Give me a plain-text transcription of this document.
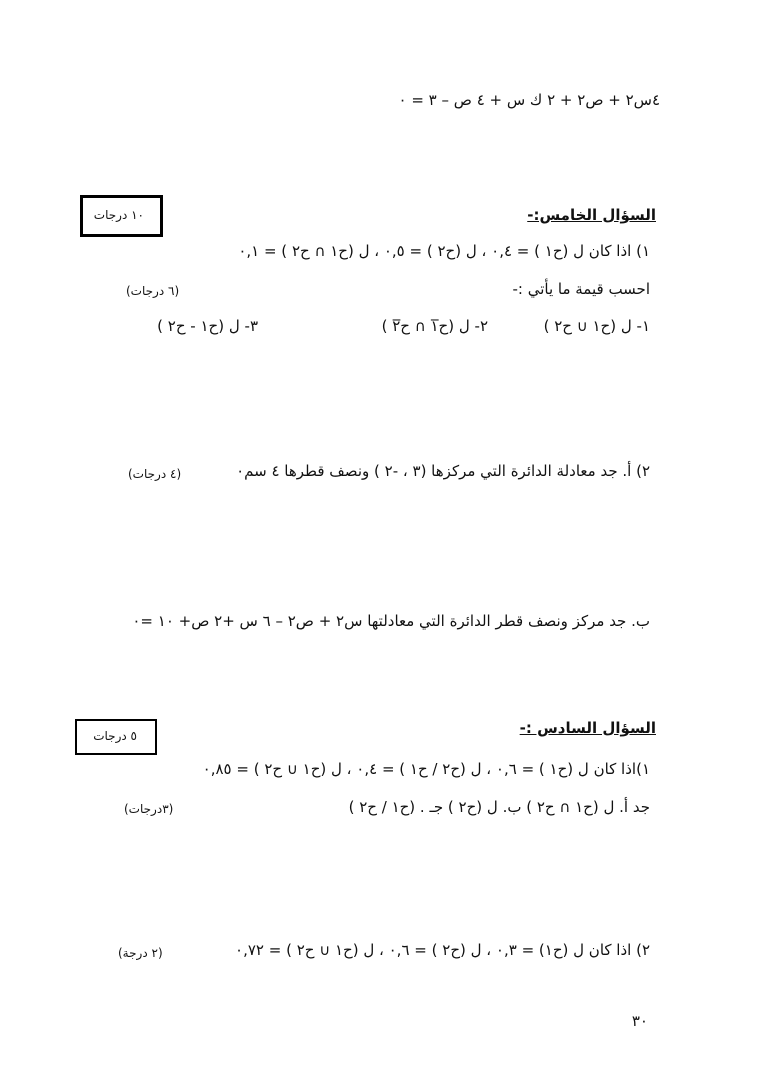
٤س٢ + ص٢ + ٢ ك س + ٤ ص – ٣ = ٠
السؤال الخامس:-
١٠ درجات
١) اذا كان ل (ح١ ) = ٠,٤ ، ل (ح٢ ) = ٠,٥ ، ل (ح١ ∩ ح٢ ) = ٠,١
احسب قيمة ما يأتي :-
(٦ درجات)
١- ل (ح١ ∪ ح٢ )
٢- ل (ح̅١ ∩ ح̅٢ )
٣- ل (ح١ - ح٢ )
٢) أ. جد معادلة الدائرة التي مركزها (٣ ، -٢ ) ونصف قطرها ٤ سم٠
(٤ درجات)
ب. جد مركز ونصف قطر الدائرة التي معادلتها س٢ + ص٢ – ٦ س +٢ ص+ ١٠ =٠
السؤال السادس :-
٥ درجات
١)اذا كان ل (ح١ ) = ٠,٦ ، ل (ح٢ / ح١ ) = ٠,٤ ، ل (ح١ ∪ ح٢ ) = ٠,٨٥
جد أ. ل (ح١ ∩ ح٢ ) ب. ل (ح٢ ) جـ . (ح١ / ح٢ )
(٣درجات)
٢) اذا كان ل (ح١) = ٠,٣ ، ل (ح٢ ) = ٠,٦ ، ل (ح١ ∪ ح٢ ) = ٠,٧٢
(٢ درجة)
٣٠
